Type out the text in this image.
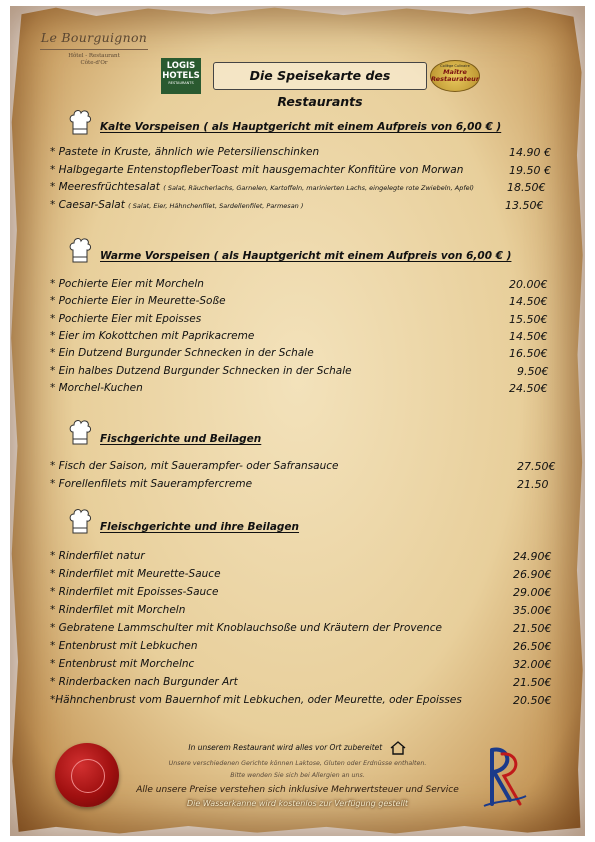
Le Bourguignon
Hôtel - Restaurant
Côte-d'Or	LOGIS
HOTELS
RESTAURANTS	Die Speisekarte des Restaurants
Collège Culinaire
Maître
Restaurateur
Kalte Vorspeisen ( als Hauptgericht mit einem Aufpreis von 6,00 € )
* Pastete in Kruste, ähnlich wie Petersilienschinken	14.90 €
* Halbgegarte EntenstopfleberToast mit hausgemachter Konfitüre von Morwan	19.50 €
* Meeresfrüchtesalat ( Salat, Räucherlachs, Garnelen, Kartoffeln, marinierten Lachs, eingelegte rote Zwiebeln, Apfel)	18.50€
* Caesar-Salat ( Salat, Eier, Hähnchenfilet, Sardellenfilet, Parmesan )	13.50€
Warme Vorspeisen ( als Hauptgericht mit einem Aufpreis von 6,00 € )
* Pochierte Eier mit Morcheln	20.00€
* Pochierte Eier in Meurette-Soße	14.50€
* Pochierte Eier mit Epoisses	15.50€
* Eier im Kokottchen mit Paprikacreme	14.50€
* Ein Dutzend Burgunder Schnecken in der Schale	16.50€
* Ein halbes Dutzend Burgunder Schnecken in der Schale	9.50€
* Morchel-Kuchen	24.50€
Fischgerichte und Beilagen
* Fisch der Saison, mit Sauerampfer- oder Safransauce	27.50€
* Forellenfilets mit Sauerampfercreme	21.50
Fleischgerichte und ihre Beilagen
* Rinderfilet natur	24.90€
* Rinderfilet mit Meurette-Sauce	26.90€
* Rinderfilet mit Epoisses-Sauce	29.00€
* Rinderfilet mit Morcheln	35.00€
* Gebratene Lammschulter mit Knoblauchsoße und Kräutern der Provence	21.50€
* Entenbrust mit Lebkuchen	26.50€
* Entenbrust mit Morchelnc	32.00€
* Rinderbacken nach Burgunder Art	21.50€
*Hähnchenbrust vom Bauernhof mit Lebkuchen, oder Meurette, oder Epoisses	20.50€
In unserem Restaurant wird alles vor Ort zubereitet
Unsere verschiedenen Gerichte können Laktose, Gluten oder Erdnüsse enthalten.
Bitte wenden Sie sich bei Allergien an uns.
Alle unsere Preise verstehen sich inklusive Mehrwertsteuer und Service
Die Wasserkanne wird kostenlos zur Verfügung gestellt
